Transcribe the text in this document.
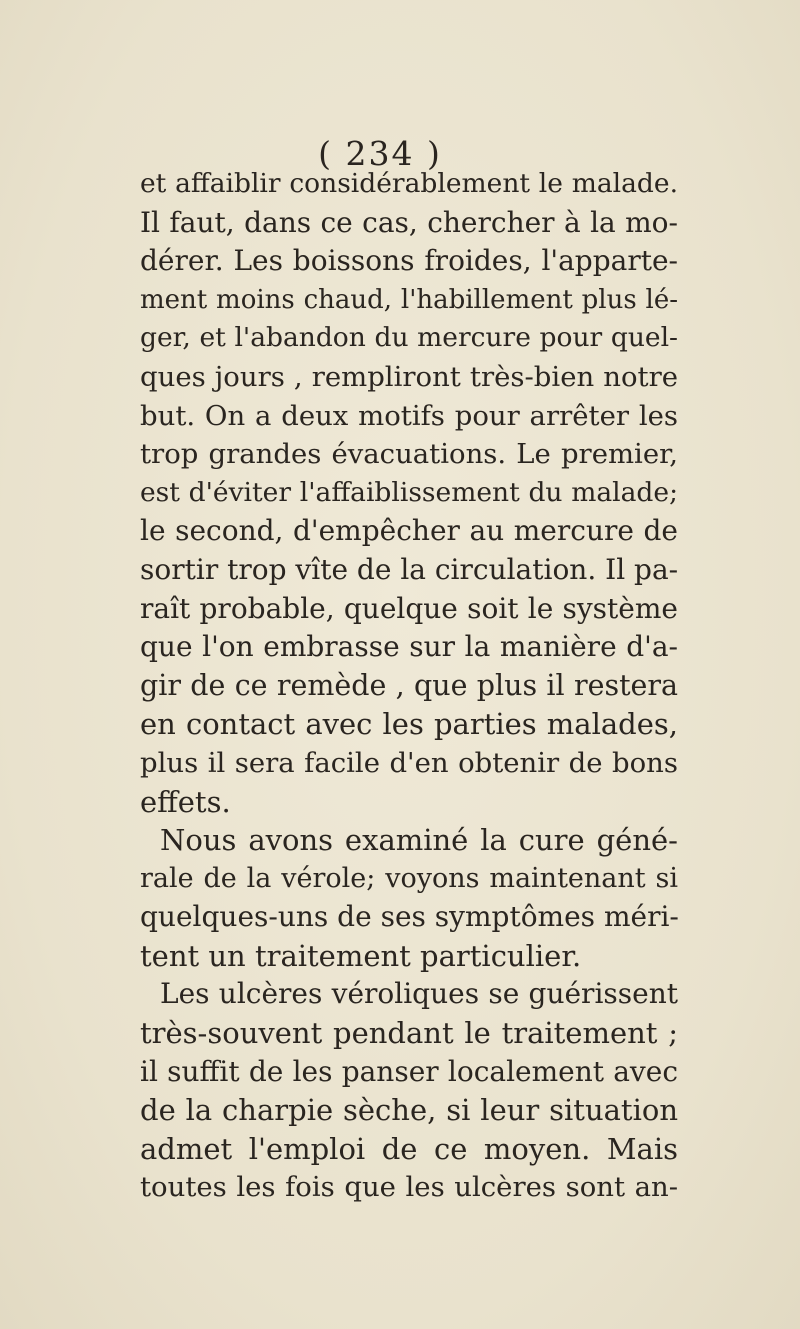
( 234 )
et affaiblir considérablement le malade.
Il faut, dans ce cas, chercher à la mo-
dérer. Les boissons froides, l'apparte-
ment moins chaud, l'habillement plus lé-
ger, et l'abandon du mercure pour quel-
ques jours , rempliront très-bien notre
but. On a deux motifs pour arrêter les
trop grandes évacuations. Le premier,
est d'éviter l'affaiblissement du malade;
le second, d'empêcher au mercure de
sortir trop vîte de la circulation. Il pa-
raît probable, quelque soit le système
que l'on embrasse sur la manière d'a-
gir de ce remède , que plus il restera
en contact avec les parties malades,
plus il sera facile d'en obtenir de bons
effets.
Nous avons examiné la cure géné-
rale de la vérole; voyons maintenant si
quelques-uns de ses symptômes méri-
tent un traitement particulier.
Les ulcères vérоliques se guérissent
très-souvent pendant le traitement ;
il suffit de les panser localement avec
de la charpie sèche, si leur situation
admet l'emploi de ce moyen. Mais
toutes les fois que les ulcères sont an-
